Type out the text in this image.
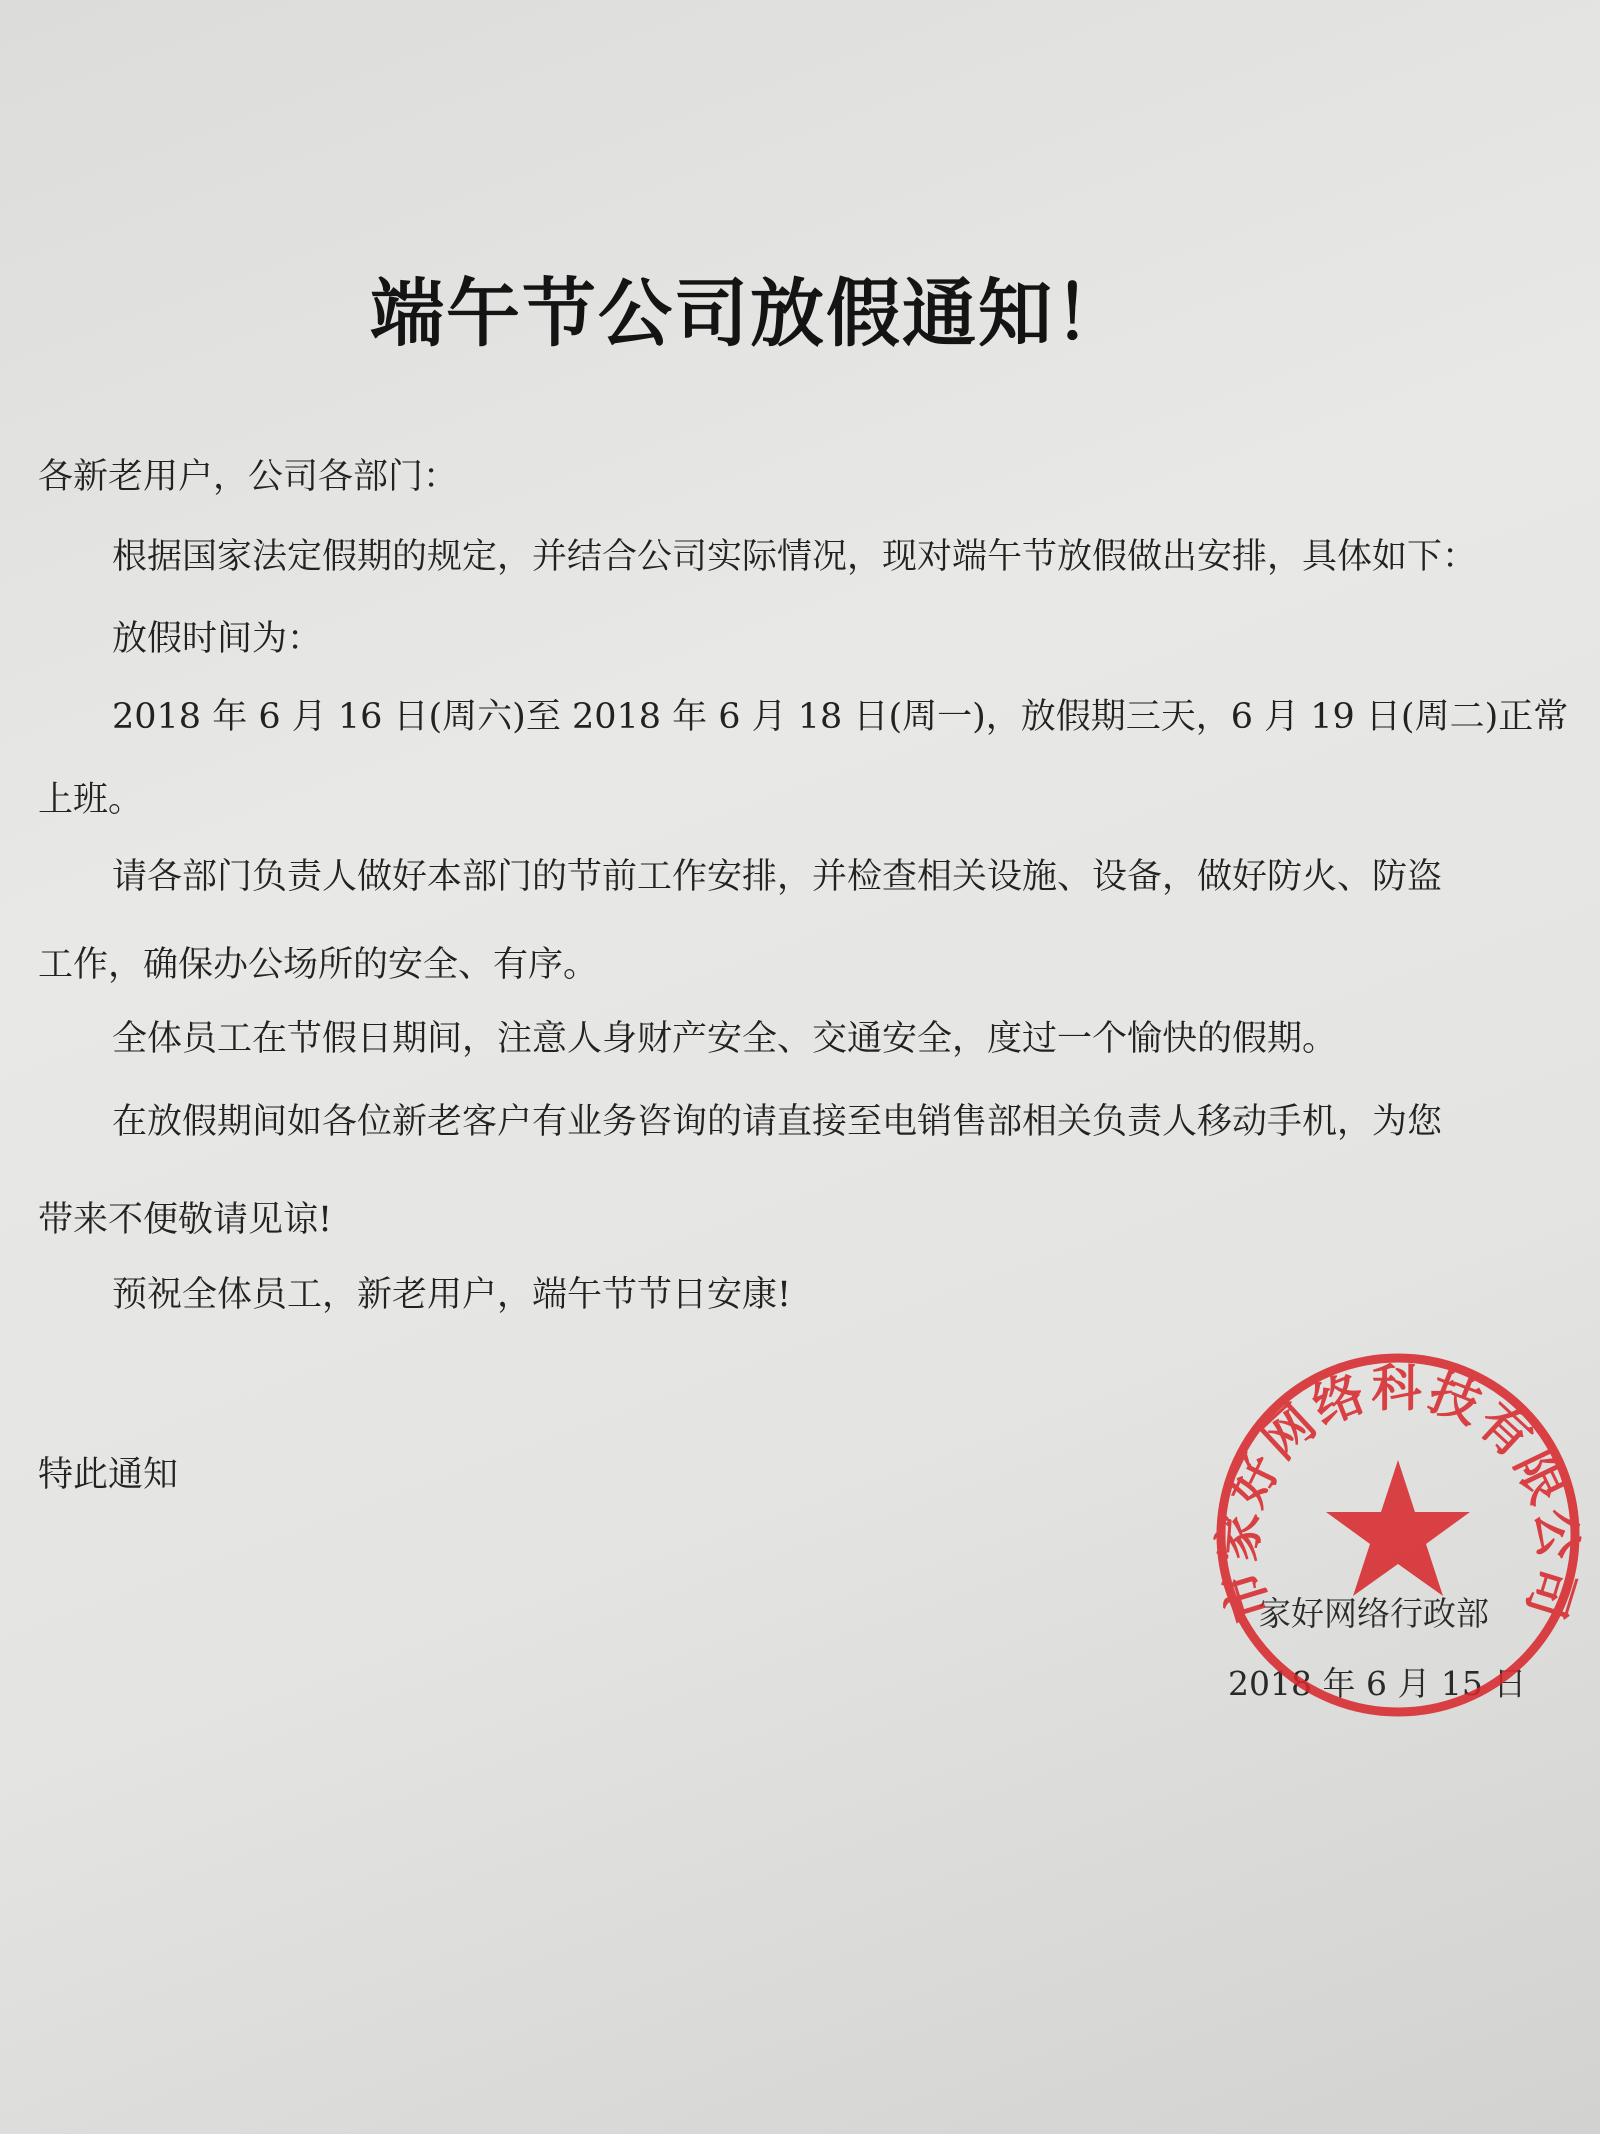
端午节公司放假通知！
各新老用户，公司各部门：
根据国家法定假期的规定，并结合公司实际情况，现对端午节放假做出安排，具体如下：
放假时间为：
2018 年 6 月 16 日(周六)至 2018 年 6 月 18 日(周一)，放假期三天，6 月 19 日(周二)正常
上班。
请各部门负责人做好本部门的节前工作安排，并检查相关设施、设备，做好防火、防盗
工作，确保办公场所的安全、有序。
全体员工在节假日期间，注意人身财产安全、交通安全，度过一个愉快的假期。
在放假期间如各位新老客户有业务咨询的请直接至电销售部相关负责人移动手机，为您
带来不便敬请见谅!
预祝全体员工，新老用户，端午节节日安康!
特此通知
家好网络行政部
2018 年 6 月 15 日
市家好网络科技有限公司
